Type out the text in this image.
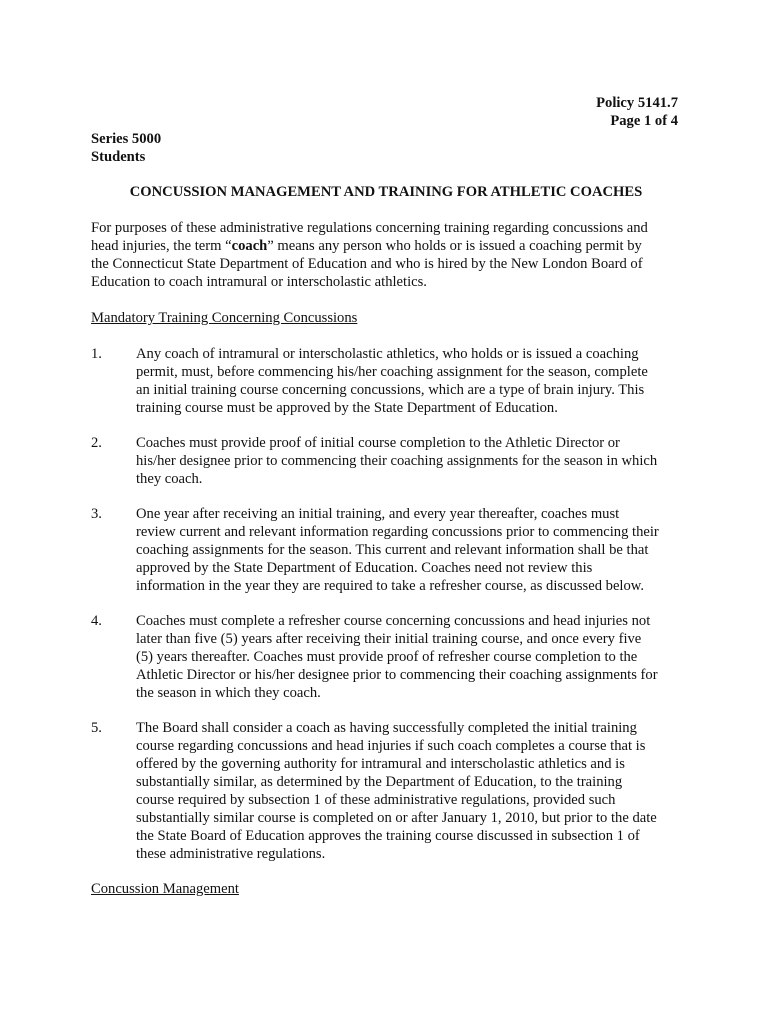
Policy 5141.7
Page 1 of 4
Series 5000
Students
CONCUSSION MANAGEMENT AND TRAINING FOR ATHLETIC COACHES
For purposes of these administrative regulations concerning training regarding concussions and
head injuries, the term “coach” means any person who holds or is issued a coaching permit by
the Connecticut State Department of Education and who is hired by the New London Board of
Education to coach intramural or interscholastic athletics.
Mandatory Training Concerning Concussions
1. Any coach of intramural or interscholastic athletics, who holds or is issued a coaching
permit, must, before commencing his/her coaching assignment for the season, complete
an initial training course concerning concussions, which are a type of brain injury. This
training course must be approved by the State Department of Education.
2. Coaches must provide proof of initial course completion to the Athletic Director or
his/her designee prior to commencing their coaching assignments for the season in which
they coach.
3. One year after receiving an initial training, and every year thereafter, coaches must
review current and relevant information regarding concussions prior to commencing their
coaching assignments for the season. This current and relevant information shall be that
approved by the State Department of Education. Coaches need not review this
information in the year they are required to take a refresher course, as discussed below.
4. Coaches must complete a refresher course concerning concussions and head injuries not
later than five (5) years after receiving their initial training course, and once every five
(5) years thereafter. Coaches must provide proof of refresher course completion to the
Athletic Director or his/her designee prior to commencing their coaching assignments for
the season in which they coach.
5. The Board shall consider a coach as having successfully completed the initial training
course regarding concussions and head injuries if such coach completes a course that is
offered by the governing authority for intramural and interscholastic athletics and is
substantially similar, as determined by the Department of Education, to the training
course required by subsection 1 of these administrative regulations, provided such
substantially similar course is completed on or after January 1, 2010, but prior to the date
the State Board of Education approves the training course discussed in subsection 1 of
these administrative regulations.
Concussion Management
